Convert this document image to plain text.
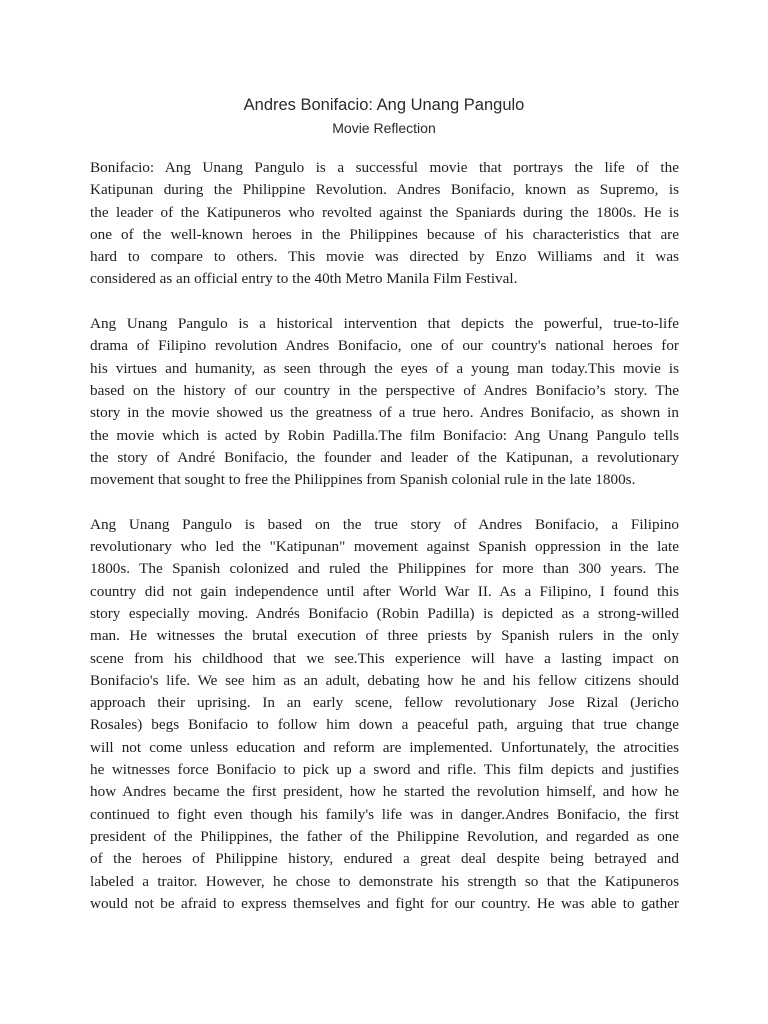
Andres Bonifacio: Ang Unang Pangulo
Movie Reflection
Bonifacio: Ang Unang Pangulo is a successful movie that portrays the life of the
Katipunan during the Philippine Revolution. Andres Bonifacio, known as Supremo, is
the leader of the Katipuneros who revolted against the Spaniards during the 1800s. He is
one of the well-known heroes in the Philippines because of his characteristics that are
hard to compare to others. This movie was directed by Enzo Williams and it was
considered as an official entry to the 40th Metro Manila Film Festival.
Ang Unang Pangulo is a historical intervention that depicts the powerful, true-to-life
drama of Filipino revolution Andres Bonifacio, one of our country's national heroes for
his virtues and humanity, as seen through the eyes of a young man today.This movie is
based on the history of our country in the perspective of Andres Bonifacio’s story. The
story in the movie showed us the greatness of a true hero. Andres Bonifacio, as shown in
the movie which is acted by Robin Padilla.The film Bonifacio: Ang Unang Pangulo tells
the story of André Bonifacio, the founder and leader of the Katipunan, a revolutionary
movement that sought to free the Philippines from Spanish colonial rule in the late 1800s.
Ang Unang Pangulo is based on the true story of Andres Bonifacio, a Filipino
revolutionary who led the "Katipunan" movement against Spanish oppression in the late
1800s. The Spanish colonized and ruled the Philippines for more than 300 years. The
country did not gain independence until after World War II. As a Filipino, I found this
story especially moving. Andrés Bonifacio (Robin Padilla) is depicted as a strong-willed
man. He witnesses the brutal execution of three priests by Spanish rulers in the only
scene from his childhood that we see.This experience will have a lasting impact on
Bonifacio's life. We see him as an adult, debating how he and his fellow citizens should
approach their uprising. In an early scene, fellow revolutionary Jose Rizal (Jericho
Rosales) begs Bonifacio to follow him down a peaceful path, arguing that true change
will not come unless education and reform are implemented. Unfortunately, the atrocities
he witnesses force Bonifacio to pick up a sword and rifle. This film depicts and justifies
how Andres became the first president, how he started the revolution himself, and how he
continued to fight even though his family's life was in danger.Andres Bonifacio, the first
president of the Philippines, the father of the Philippine Revolution, and regarded as one
of the heroes of Philippine history, endured a great deal despite being betrayed and
labeled a traitor. However, he chose to demonstrate his strength so that the Katipuneros
would not be afraid to express themselves and fight for our country. He was able to gather
